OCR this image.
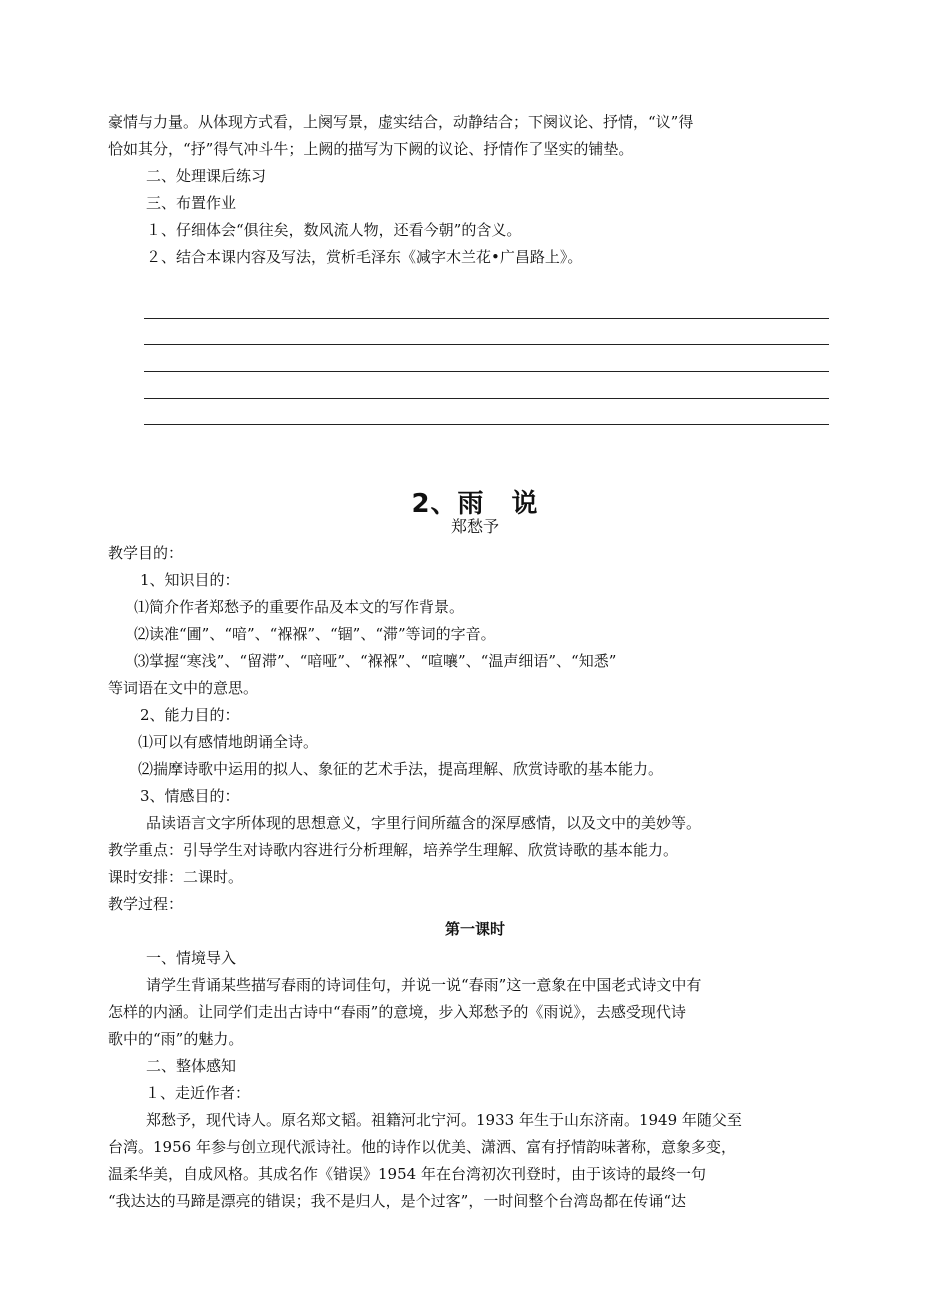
豪情与力量。从体现方式看，上阕写景，虚实结合，动静结合；下阕议论、抒情，“议”得
恰如其分，“抒”得气冲斗牛；上阙的描写为下阙的议论、抒情作了坚实的铺垫。
二、处理课后练习
三、布置作业
１、仔细体会“俱往矣，数风流人物，还看今朝”的含义。
２、结合本课内容及写法，赏析毛泽东《减字木兰花•广昌路上》。
2、雨　说
郑愁予
教学目的：
1、知识目的：
⑴简介作者郑愁予的重要作品及本文的写作背景。
⑵读准“圃”、“喑”、“褓褓”、“锢”、“滞”等词的字音。
⑶掌握“寒浅”、“留滞”、“喑哑”、“褓褓”、“喧嚷”、“温声细语”、“知悉”
等词语在文中的意思。
2、能力目的：
⑴可以有感情地朗诵全诗。
⑵揣摩诗歌中运用的拟人、象征的艺术手法，提高理解、欣赏诗歌的基本能力。
3、情感目的：
品读语言文字所体现的思想意义，字里行间所蕴含的深厚感情，以及文中的美妙等。
教学重点：引导学生对诗歌内容进行分析理解，培养学生理解、欣赏诗歌的基本能力。
课时安排：二课时。
教学过程：
第一课时
一、情境导入
请学生背诵某些描写春雨的诗词佳句，并说一说“春雨”这一意象在中国老式诗文中有
怎样的内涵。让同学们走出古诗中“春雨”的意境，步入郑愁予的《雨说》，去感受现代诗
歌中的“雨”的魅力。
二、整体感知
１、走近作者：
郑愁予，现代诗人。原名郑文韬。祖籍河北宁河。1933 年生于山东济南。1949 年随父至
台湾。1956 年参与创立现代派诗社。他的诗作以优美、潇洒、富有抒情韵味著称，意象多变，
温柔华美，自成风格。其成名作《错误》1954 年在台湾初次刊登时，由于该诗的最终一句
“我达达的马蹄是漂亮的错误；我不是归人，是个过客”，一时间整个台湾岛都在传诵“达
